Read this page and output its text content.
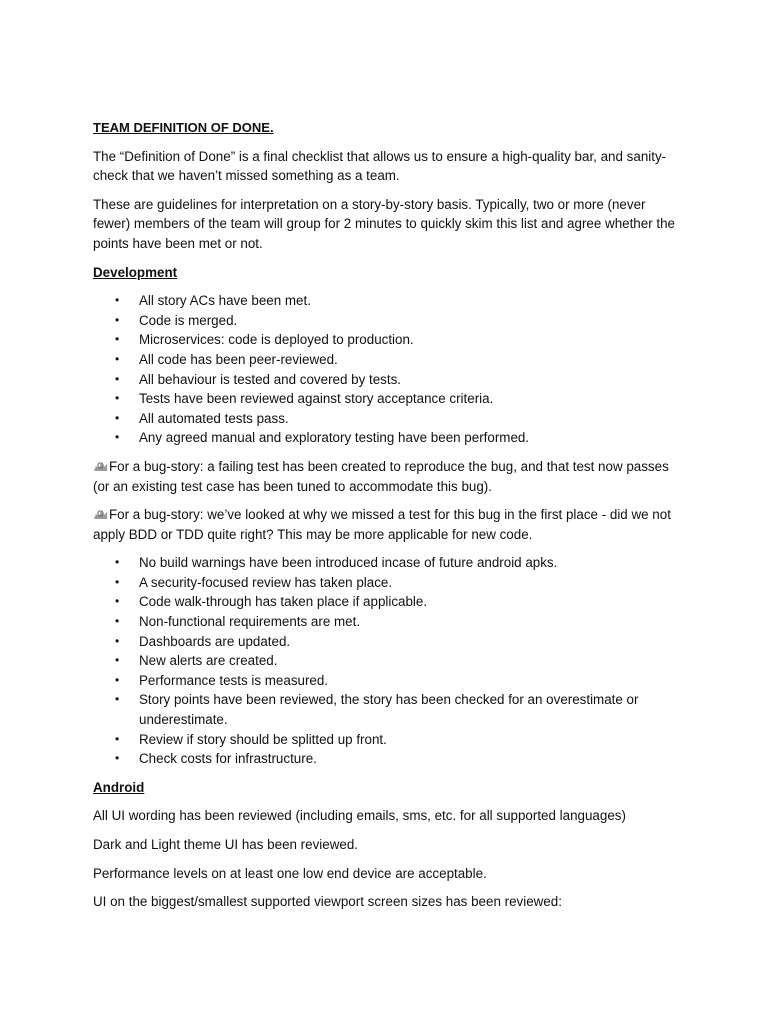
TEAM DEFINITION OF DONE.

The “Definition of Done” is a final checklist that allows us to ensure a high-quality bar, and sanity-check that we haven’t missed something as a team.

These are guidelines for interpretation on a story-by-story basis. Typically, two or more (never fewer) members of the team will group for 2 minutes to quickly skim this list and agree whether the points have been met or not.

Development
• All story ACs have been met.
• Code is merged.
• Microservices: code is deployed to production.
• All code has been peer-reviewed.
• All behaviour is tested and covered by tests.
• Tests have been reviewed against story acceptance criteria.
• All automated tests pass.
• Any agreed manual and exploratory testing have been performed.

For a bug-story: a failing test has been created to reproduce the bug, and that test now passes (or an existing test case has been tuned to accommodate this bug).

For a bug-story: we’ve looked at why we missed a test for this bug in the first place - did we not apply BDD or TDD quite right? This may be more applicable for new code.

• No build warnings have been introduced incase of future android apks.
• A security-focused review has taken place.
• Code walk-through has taken place if applicable.
• Non-functional requirements are met.
• Dashboards are updated.
• New alerts are created.
• Performance tests is measured.
• Story points have been reviewed, the story has been checked for an overestimate or underestimate.
• Review if story should be splitted up front.
• Check costs for infrastructure.
Android

All UI wording has been reviewed (including emails, sms, etc. for all supported languages)

Dark and Light theme UI has been reviewed.

Performance levels on at least one low end device are acceptable.

UI on the biggest/smallest supported viewport screen sizes has been reviewed:
